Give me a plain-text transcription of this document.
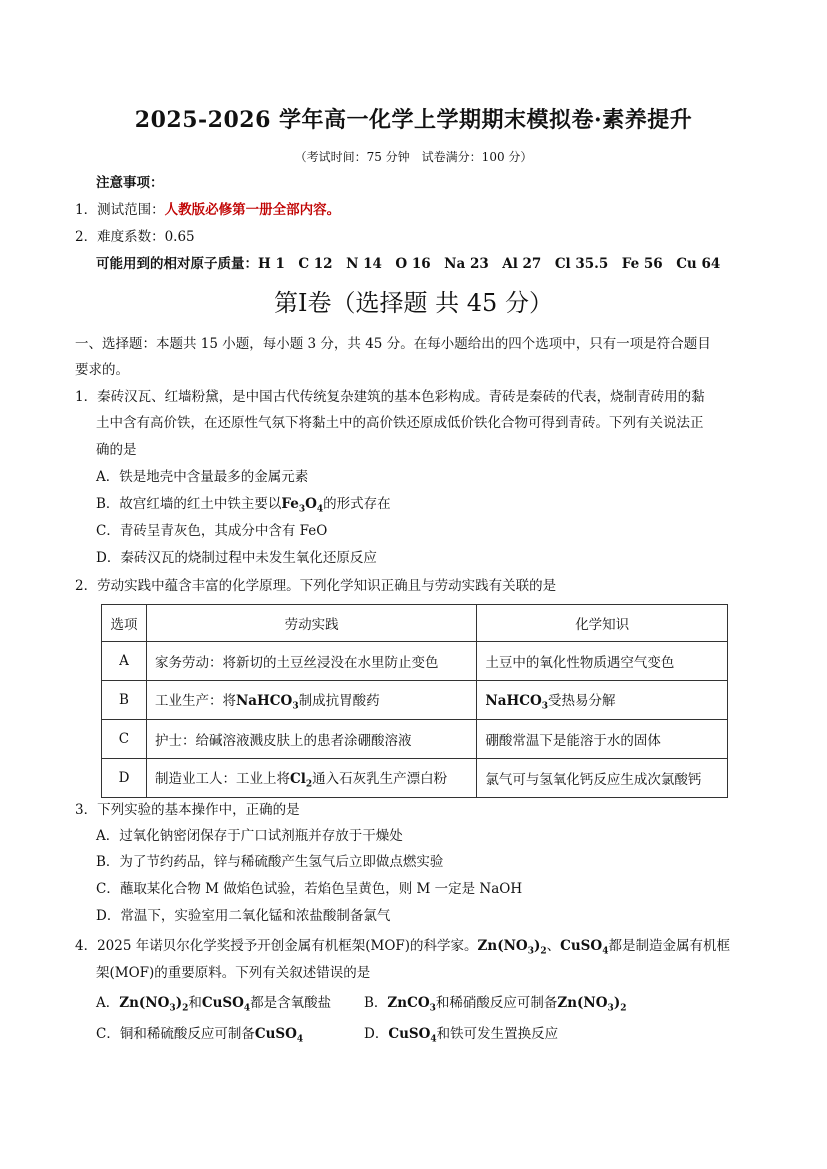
2025-2026 学年高一化学上学期期末模拟卷·素养提升
（考试时间：75 分钟　试卷满分：100 分）
注意事项：
1．测试范围：人教版必修第一册全部内容。
2．难度系数：0.65
可能用到的相对原子质量：H 1　C 12　N 14　O 16　Na 23　Al 27　Cl 35.5　Fe 56　Cu 64
第I卷（选择题 共 45 分）
一、选择题：本题共 15 小题，每小题 3 分，共 45 分。在每小题给出的四个选项中，只有一项是符合题目
要求的。
1．秦砖汉瓦、红墙粉黛，是中国古代传统复杂建筑的基本色彩构成。青砖是秦砖的代表，烧制青砖用的黏
土中含有高价铁，在还原性气氛下将黏土中的高价铁还原成低价铁化合物可得到青砖。下列有关说法正
确的是
A．铁是地壳中含量最多的金属元素
B．故宫红墙的红土中铁主要以$Fe_3O_4$的形式存在
C．青砖呈青灰色，其成分中含有 FeO
D．秦砖汉瓦的烧制过程中未发生氧化还原反应
2．劳动实践中蕴含丰富的化学原理。下列化学知识正确且与劳动实践有关联的是
选项	劳动实践	化学知识
A	家务劳动：将新切的土豆丝浸没在水里防止变色	土豆中的氧化性物质遇空气变色
B	工业生产：将NaHCO$_3$制成抗胃酸药	NaHCO$_3$受热易分解
C	护士：给碱溶液溅皮肤上的患者涂硼酸溶液	硼酸常温下是能溶于水的固体
D	制造业工人：工业上将$Cl_2$通入石灰乳生产漂白粉	氯气可与氢氧化钙反应生成次氯酸钙
3．下列实验的基本操作中，正确的是
A．过氧化钠密闭保存于广口试剂瓶并存放于干燥处
B．为了节约药品，锌与稀硫酸产生氢气后立即做点燃实验
C．蘸取某化合物 M 做焰色试验，若焰色呈黄色，则 M 一定是 NaOH
D．常温下，实验室用二氧化锰和浓盐酸制备氯气
4．2025 年诺贝尔化学奖授予开创金属有机框架(MOF)的科学家。$Zn(NO_3)_2$、CuSO$_4$都是制造金属有机框
架(MOF)的重要原料。下列有关叙述错误的是
A．$Zn(NO_3)_2$和CuSO$_4$都是含氧酸盐 B．ZnCO$_3$和稀硝酸反应可制备$Zn(NO_3)_2$
C．铜和稀硫酸反应可制备CuSO$_4$	D．CuSO$_4$和铁可发生置换反应
